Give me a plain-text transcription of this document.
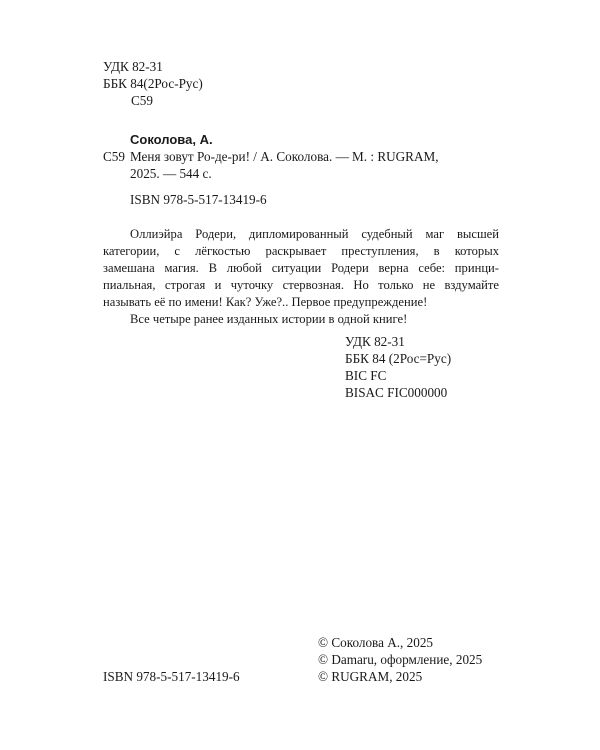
УДК 82-31
ББК 84(2Рос-Рус)
С59
С59
Соколова, А.
Меня зовут Ро-де-ри! / А. Соколова. — М. : RUGRAM,
2025. — 544 с.
ISBN 978-5-517-13419-6
Оллиэйра Родери, дипломированный судебный маг высшей
категории, с лёгкостью раскрывает преступления, в которых
замешана магия. В любой ситуации Родери верна себе: принци-
пиальная, строгая и чуточку стервозная. Но только не вздумайте
называть её по имени! Как? Уже?.. Первое предупреждение!
Все четыре ранее изданных истории в одной книге!
УДК 82-31
ББК 84 (2Рос=Рус)
BIC FC
BISAC FIC000000
ISBN 978-5-517-13419-6
© Соколова А., 2025
© Damaru, оформление, 2025
© RUGRAM, 2025
